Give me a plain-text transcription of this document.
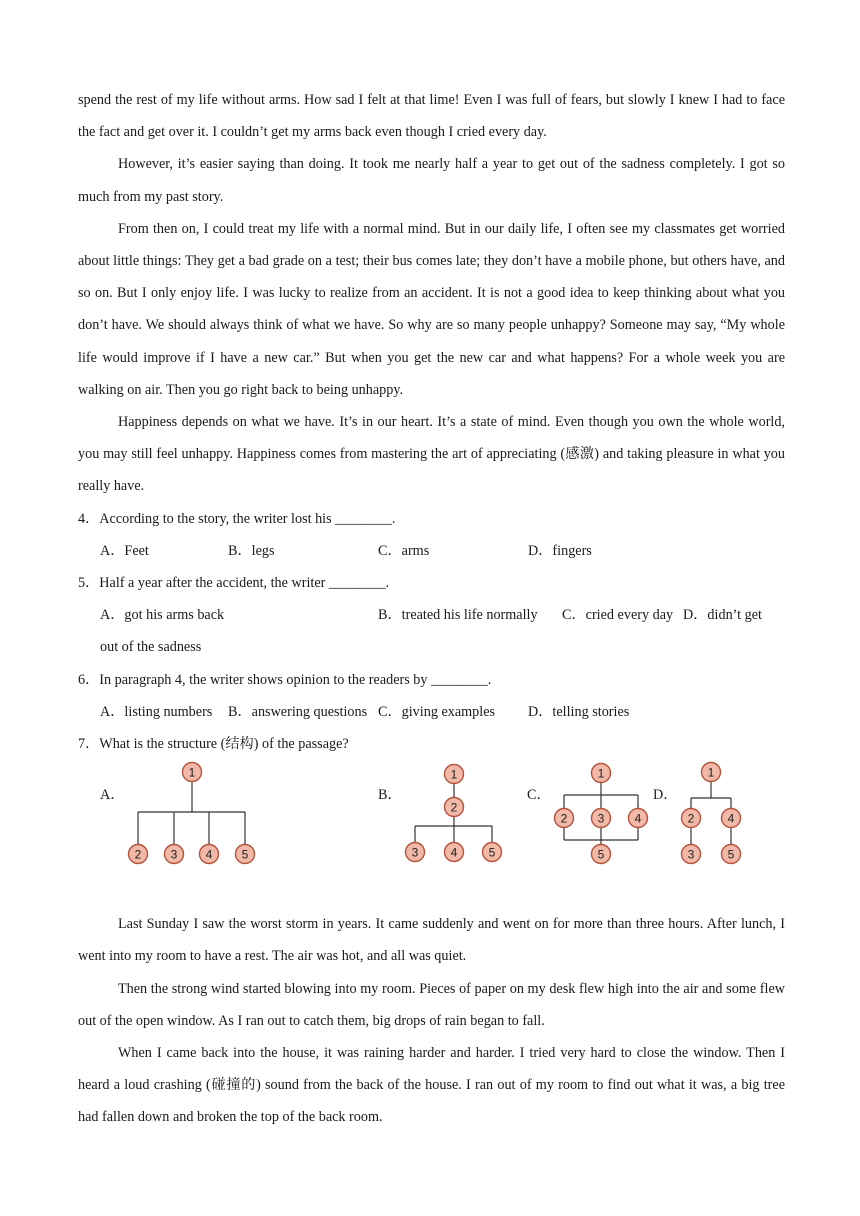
spend the rest of my life without arms. How sad I felt at that lime! Even I was full of fears, but slowly I knew I had to face the fact and get over it. I couldn’t get my arms back even though I cried every day.

However, it’s easier saying than doing. It took me nearly half a year to get out of the sadness completely. I got so much from my past story.

From then on, I could treat my life with a normal mind. But in our daily life, I often see my classmates get worried about little things: They get a bad grade on a test; their bus comes late; they don’t have a mobile phone, but others have, and so on. But I only enjoy life. I was lucky to realize from an accident. It is not a good idea to keep thinking about what you don’t have. We should always think of what we have. So why are so many people unhappy? Someone may say, “My whole life would improve if I have a new car.” But when you get the new car and what happens? For a whole week you are walking on air. Then you go right back to being unhappy.

Happiness depends on what we have. It’s in our heart. It’s a state of mind. Even though you own the whole world, you may still feel unhappy. Happiness comes from mastering the art of appreciating (感激) and taking pleasure in what you really have.

4．According to the story, the writer lost his ________.
A．Feet	B．legs	C．arms	D．fingers
5．Half a year after the accident, the writer ________.
A．got his arms back	B．treated his life normally C．cried every day D．didn’t get
out of the sadness
6．In paragraph 4, the writer shows opinion to the readers by ________.
A．listing numbers B．answering questions C．giving examples D．telling stories
7．What is the structure (结构) of the passage?
A．	B．	C．	D．
1
2 3 4 5
1
2
3	4	5
1
2	3	4
5
1
2	4
3	5

Last Sunday I saw the worst storm in years. It came suddenly and went on for more than three hours. After lunch, I went into my room to have a rest. The air was hot, and all was quiet.

Then the strong wind started blowing into my room. Pieces of paper on my desk flew high into the air and some flew out of the open window. As I ran out to catch them, big drops of rain began to fall.

When I came back into the house, it was raining harder and harder. I tried very hard to close the window. Then I heard a loud crashing (碰撞的) sound from the back of the house. I ran out of my room to find out what it was, a big tree had fallen down and broken the top of the back room.
